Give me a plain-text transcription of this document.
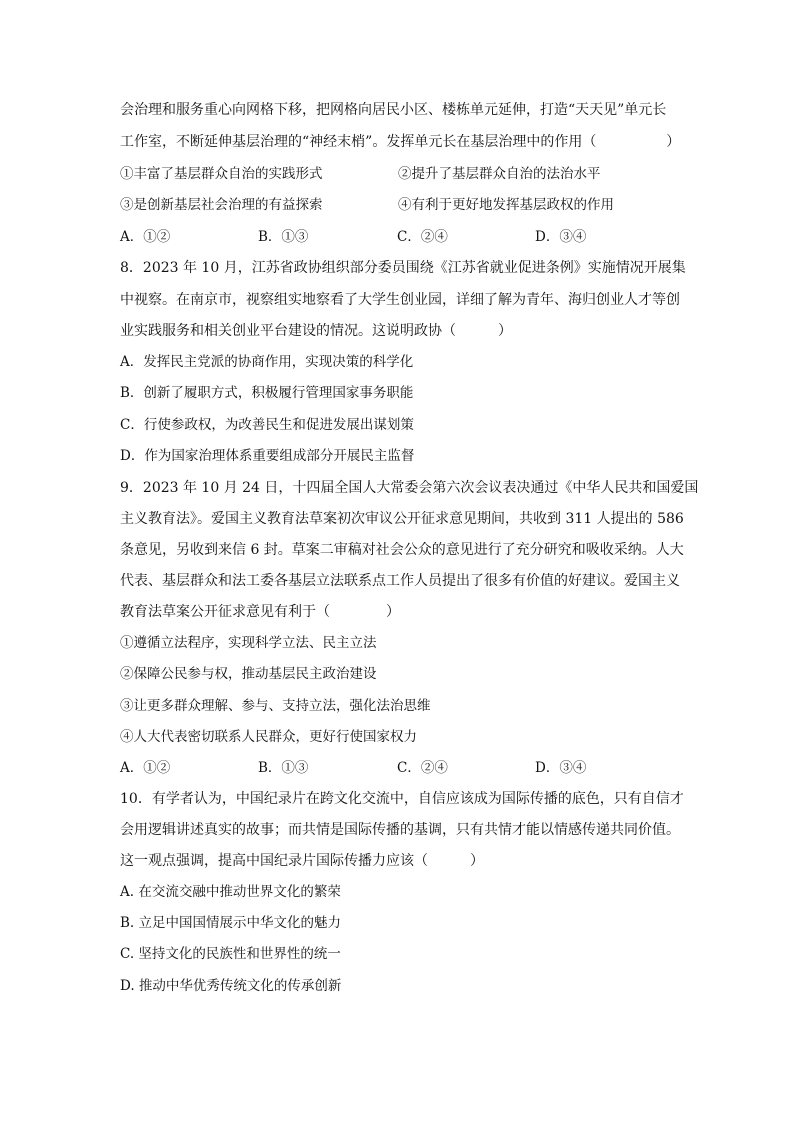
会治理和服务重心向网格下移，把网格向居民小区、楼栋单元延伸，打造“天天见”单元长
工作室，不断延伸基层治理的“神经末梢”。发挥单元长在基层治理中的作用（　　　　　）
①丰富了基层群众自治的实践形式	②提升了基层群众自治的法治水平
③是创新基层社会治理的有益探索	④有利于更好地发挥基层政权的作用
A．①②	B．①③	C．②④	D．③④
8．2023 年 10 月，江苏省政协组织部分委员围绕《江苏省就业促进条例》实施情况开展集
中视察。在南京市，视察组实地察看了大学生创业园，详细了解为青年、海归创业人才等创
业实践服务和相关创业平台建设的情况。这说明政协（　　　）
A．发挥民主党派的协商作用，实现决策的科学化
B．创新了履职方式，积极履行管理国家事务职能
C．行使参政权，为改善民生和促进发展出谋划策
D．作为国家治理体系重要组成部分开展民主监督
9．2023 年 10 月 24 日，十四届全国人大常委会第六次会议表决通过《中华人民共和国爱国
主义教育法》。爱国主义教育法草案初次审议公开征求意见期间，共收到 311 人提出的 586
条意见，另收到来信 6 封。草案二审稿对社会公众的意见进行了充分研究和吸收采纳。人大
代表、基层群众和法工委各基层立法联系点工作人员提出了很多有价值的好建议。爱国主义
教育法草案公开征求意见有利于（　　　　）
①遵循立法程序，实现科学立法、民主立法
②保障公民参与权，推动基层民主政治建设
③让更多群众理解、参与、支持立法，强化法治思维
④人大代表密切联系人民群众，更好行使国家权力
A．①②	B．①③	C．②④	D．③④
10．有学者认为，中国纪录片在跨文化交流中，自信应该成为国际传播的底色，只有自信才
会用逻辑讲述真实的故事；而共情是国际传播的基调，只有共情才能以情感传递共同价值。
这一观点强调，提高中国纪录片国际传播力应该（　　　）
A. 在交流交融中推动世界文化的繁荣
B. 立足中国国情展示中华文化的魅力
C. 坚持文化的民族性和世界性的统一
D. 推动中华优秀传统文化的传承创新
